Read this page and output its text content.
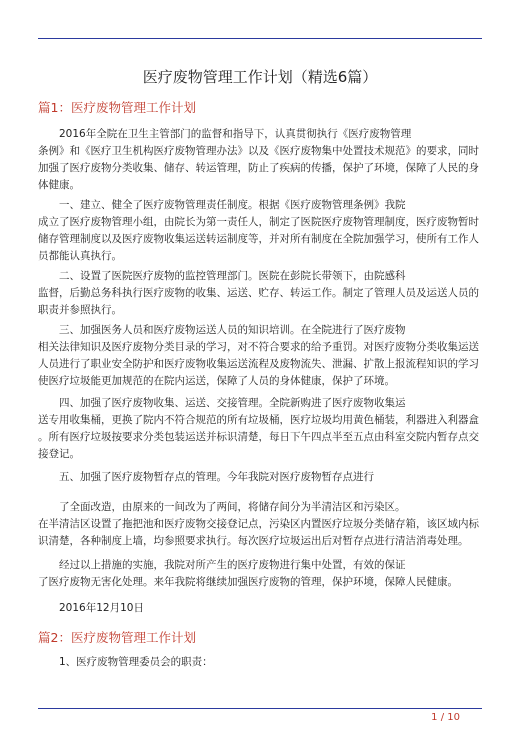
医疗废物管理工作计划（精选6篇）
篇1：医疗废物管理工作计划
2016年全院在卫生主管部门的监督和指导下，认真贯彻执行《医疗废物管理
条例》和《医疗卫生机构医疗废物管理办法》以及《医疗废物集中处置技术规范》的要求，同时
加强了医疗废物分类收集、储存、转运管理，防止了疾病的传播，保护了环境，保障了人民的身
体健康。
一、建立、健全了医疗废物管理责任制度。根据《医疗废物管理条例》我院
成立了医疗废物管理小组，由院长为第一责任人，制定了医院医疗废物管理制度，医疗废物暂时
储存管理制度以及医疗废物收集运送转运制度等，并对所有制度在全院加强学习，使所有工作人
员都能认真执行。
二、设置了医院医疗废物的监控管理部门。医院在彭院长带领下，由院感科
监督，后勤总务科执行医疗废物的收集、运送、贮存、转运工作。制定了管理人员及运送人员的
职责并参照执行。
三、加强医务人员和医疗废物运送人员的知识培训。在全院进行了医疗废物
相关法律知识及医疗废物分类目录的学习，对不符合要求的给予重罚。对医疗废物分类收集运送
人员进行了职业安全防护和医疗废物收集运送流程及废物流失、泄漏、扩散上报流程知识的学习
使医疗垃圾能更加规范的在院内运送，保障了人员的身体健康，保护了环境。
四、加强了医疗废物收集、运送、交接管理。全院新购进了医疗废物收集运
送专用收集桶，更换了院内不符合规范的所有垃圾桶，医疗垃圾均用黄色桶装，利器进入利器盒
。所有医疗垃圾按要求分类包装运送并标识清楚，每日下午四点半至五点由科室交院内暂存点交
接登记。
五、加强了医疗废物暂存点的管理。今年我院对医疗废物暂存点进行
了全面改造，由原来的一间改为了两间，将储存间分为半清洁区和污染区。
在半清洁区设置了拖把池和医疗废物交接登记点，污染区内置医疗垃圾分类储存箱，该区域内标
识清楚，各种制度上墙，均参照要求执行。每次医疗垃圾运出后对暂存点进行清洁消毒处理。
经过以上措施的实施，我院对所产生的医疗废物进行集中处置，有效的保证
了医疗废物无害化处理。来年我院将继续加强医疗废物的管理，保护环境，保障人民健康。
2016年12月10日
篇2：医疗废物管理工作计划
1、医疗废物管理委员会的职责：
1 / 10
